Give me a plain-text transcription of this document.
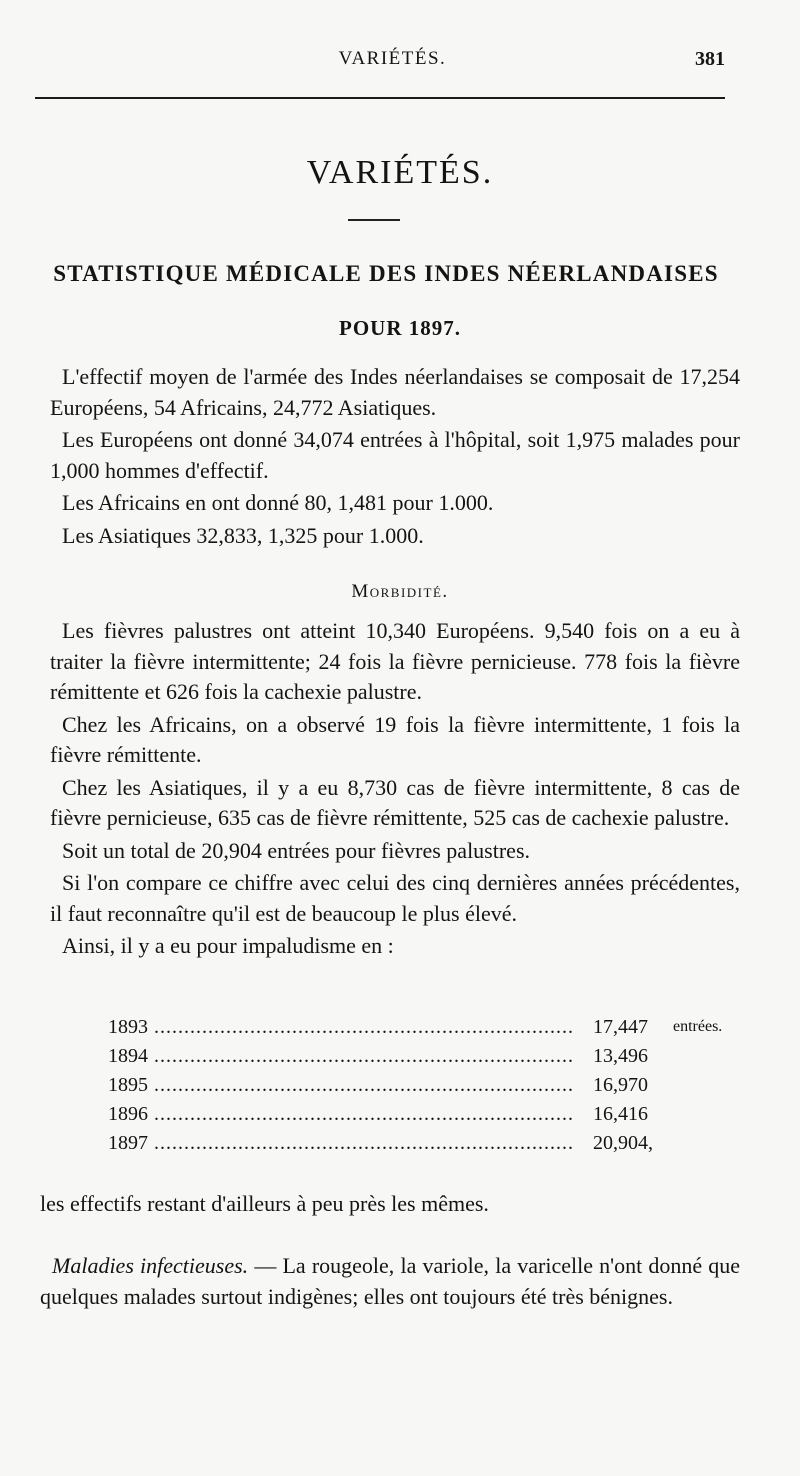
VARIÉTÉS.	381
VARIÉTÉS.
STATISTIQUE MÉDICALE DES INDES NÉERLANDAISES
POUR 1897.

L'effectif moyen de l'armée des Indes néerlandaises se composait de 17,254 Européens, 54 Africains, 24,772 Asiatiques.

Les Européens ont donné 34,074 entrées à l'hôpital, soit 1,975 malades pour 1,000 hommes d'effectif.

Les Africains en ont donné 80, 1,481 pour 1.000.

Les Asiatiques 32,833, 1,325 pour 1.000.

Morbidité.

Les fièvres palustres ont atteint 10,340 Européens. 9,540 fois on a eu à traiter la fièvre intermittente; 24 fois la fièvre pernicieuse. 778 fois la fièvre rémittente et 626 fois la cachexie palustre.

Chez les Africains, on a observé 19 fois la fièvre intermittente, 1 fois la fièvre rémittente.

Chez les Asiatiques, il y a eu 8,730 cas de fièvre intermittente, 8 cas de fièvre pernicieuse, 635 cas de fièvre rémittente, 525 cas de cachexie palustre.

Soit un total de 20,904 entrées pour fièvres palustres.

Si l'on compare ce chiffre avec celui des cinq dernières années précédentes, il faut reconnaître qu'il est de beaucoup le plus élevé.

Ainsi, il y a eu pour impaludisme en :

1893 .....	17,447 entrées.
1894 .....	13,496
1895 .....	16,970
1896 .....	16,416
1897 .....	20,904,

les effectifs restant d'ailleurs à peu près les mêmes.

Maladies infectieuses. — La rougeole, la variole, la varicelle n'ont donné que quelques malades surtout indigènes; elles ont toujours été très bénignes.
